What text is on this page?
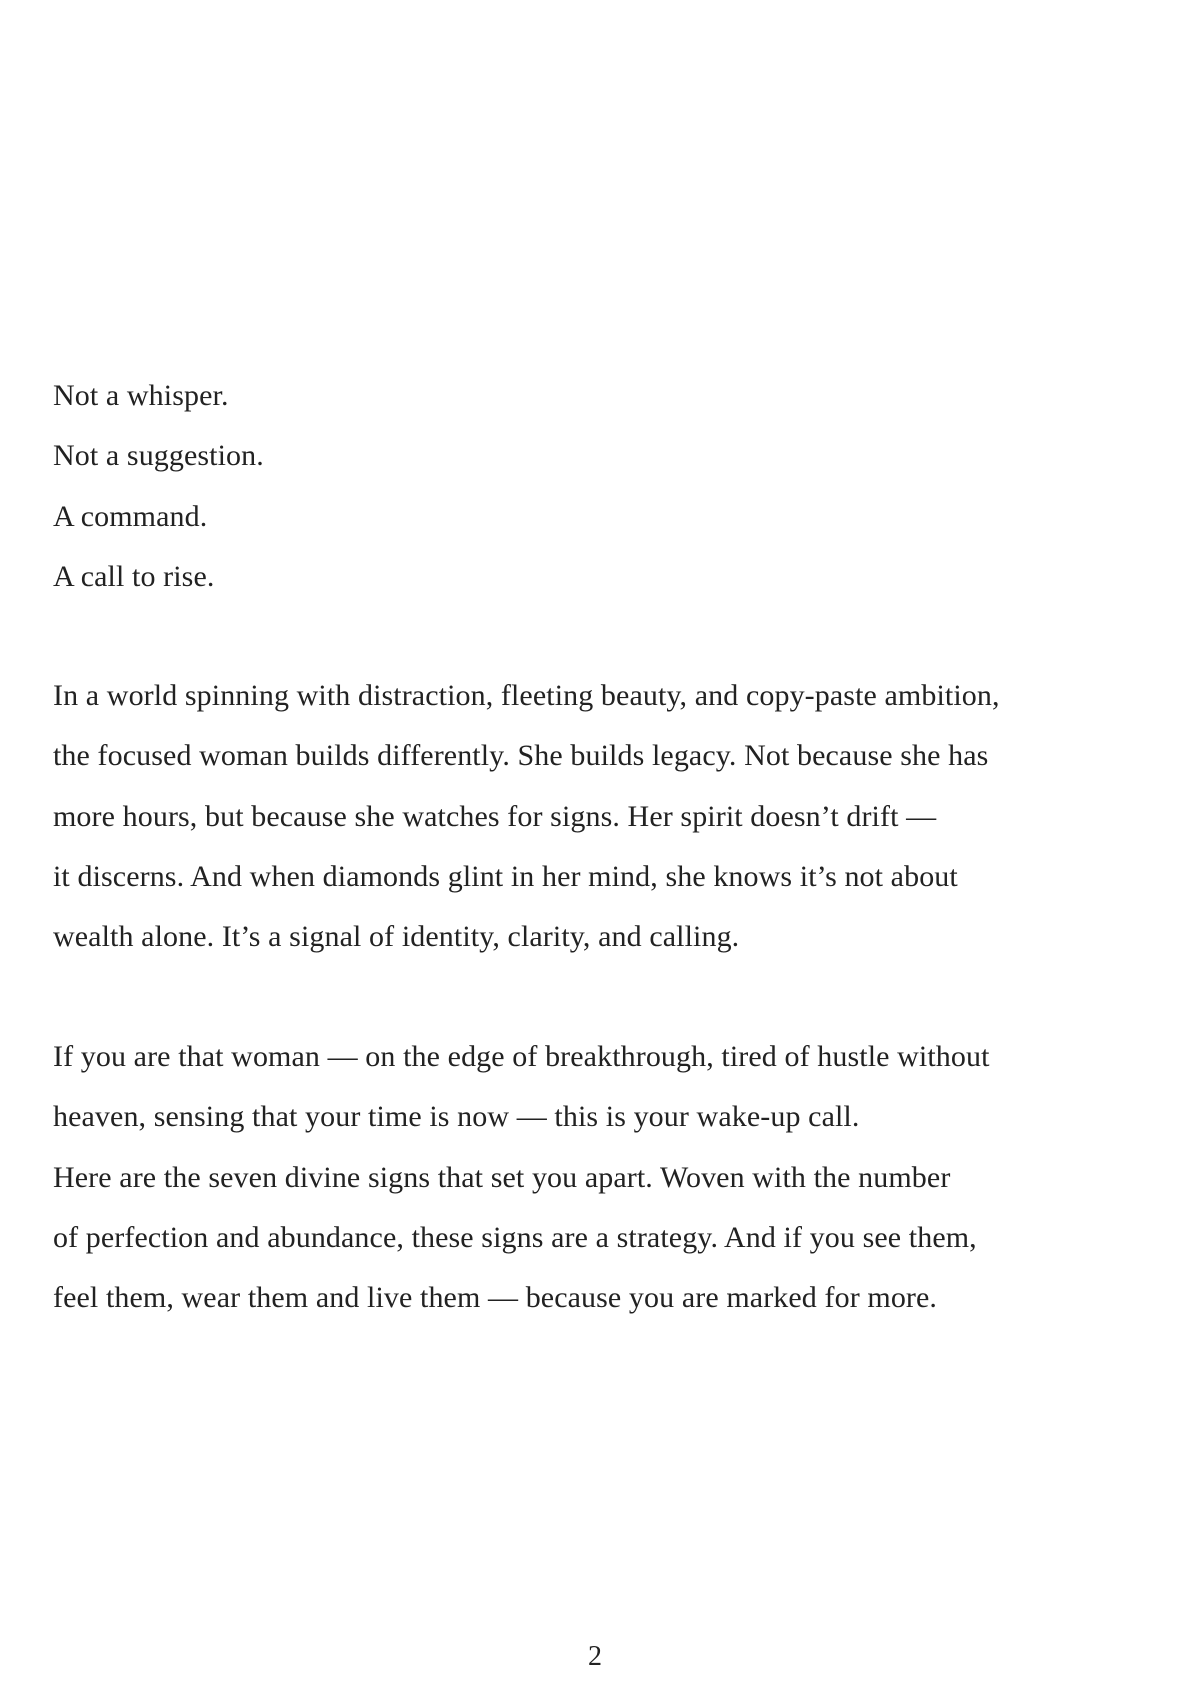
Not a whisper.
Not a suggestion.
A command.
A call to rise.
In a world spinning with distraction, fleeting beauty, and copy-paste ambition,
the focused woman builds differently. She builds legacy. Not because she has
more hours, but because she watches for signs. Her spirit doesn’t drift —
it discerns. And when diamonds glint in her mind, she knows it’s not about
wealth alone. It’s a signal of identity, clarity, and calling.
If you are that woman — on the edge of breakthrough, tired of hustle without
heaven, sensing that your time is now — this is your wake-up call.
Here are the seven divine signs that set you apart. Woven with the number
of perfection and abundance, these signs are a strategy. And if you see them,
feel them, wear them and live them — because you are marked for more.
2
